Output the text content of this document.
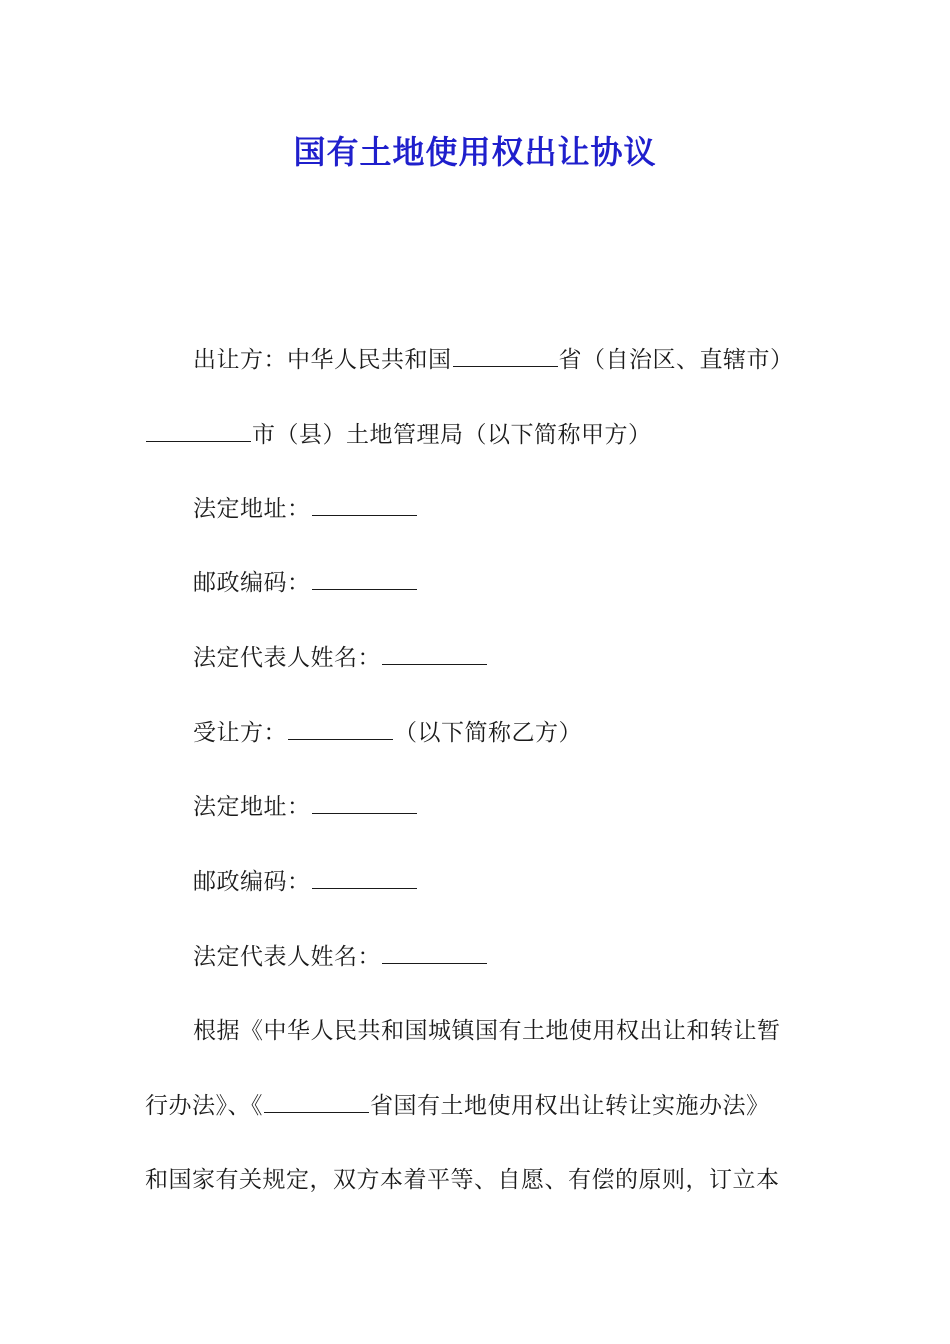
国有土地使用权出让协议
出让方：中华人民共和国	省（自治区、直辖市）
市（县）土地管理局（以下简称甲方）
法定地址：
邮政编码：
法定代表人姓名：
受让方：	（以下简称乙方）
法定地址：
邮政编码：
法定代表人姓名：
根据《中华人民共和国城镇国有土地使用权出让和转让暂
行办法》、《	省国有土地使用权出让转让实施办法》
和国家有关规定，双方本着平等、自愿、有偿的原则，订立本
